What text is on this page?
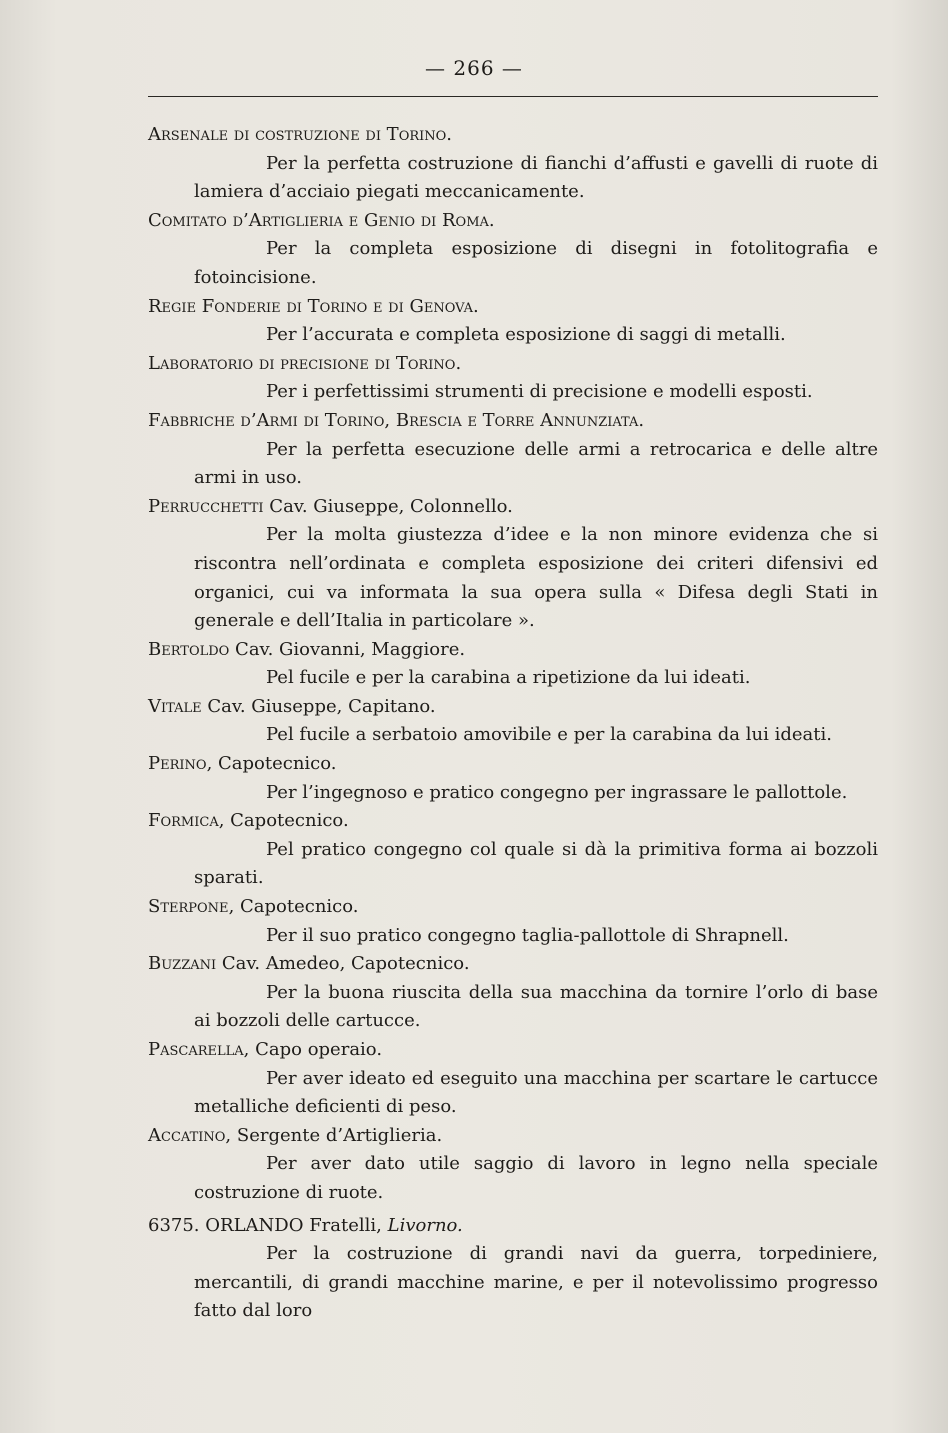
— 266 —

Arsenale di costruzione di Torino.

Per la perfetta costruzione di fianchi d’affusti e gavelli di ruote di lamiera d’acciaio piegati meccanicamente.

Comitato d’Artiglieria e Genio di Roma.

Per la completa esposizione di disegni in fotolitografia e fotoincisione.

Regie Fonderie di Torino e di Genova.

Per l’accurata e completa esposizione di saggi di metalli.

Laboratorio di precisione di Torino.

Per i perfettissimi strumenti di precisione e modelli esposti.

Fabbriche d’Armi di Torino, Brescia e Torre Annunziata.

Per la perfetta esecuzione delle armi a retrocarica e delle altre armi in uso.

Perrucchetti Cav. Giuseppe, Colonnello.

Per la molta giustezza d’idee e la non minore evidenza che si riscontra nell’ordinata e completa esposizione dei criteri difensivi ed organici, cui va informata la sua opera sulla « Difesa degli Stati in generale e dell’Italia in particolare ».

Bertoldo Cav. Giovanni, Maggiore.

Pel fucile e per la carabina a ripetizione da lui ideati.

Vitale Cav. Giuseppe, Capitano.

Pel fucile a serbatoio amovibile e per la carabina da lui ideati.

Perino, Capotecnico.

Per l’ingegnoso e pratico congegno per ingrassare le pallottole.

Formica, Capotecnico.

Pel pratico congegno col quale si dà la primitiva forma ai bozzoli sparati.

Sterpone, Capotecnico.

Per il suo pratico congegno taglia-pallottole di Shrapnell.

Buzzani Cav. Amedeo, Capotecnico.

Per la buona riuscita della sua macchina da tornire l’orlo di base ai bozzoli delle cartucce.

Pascarella, Capo operaio.

Per aver ideato ed eseguito una macchina per scartare le cartucce metalliche deficienti di peso.

Accatino, Sergente d’Artiglieria.

Per aver dato utile saggio di lavoro in legno nella speciale costruzione di ruote.

6375. ORLANDO Fratelli, Livorno.

Per la costruzione di grandi navi da guerra, torpediniere, mercantili, di grandi macchine marine, e per il notevolissimo progresso fatto dal loro
